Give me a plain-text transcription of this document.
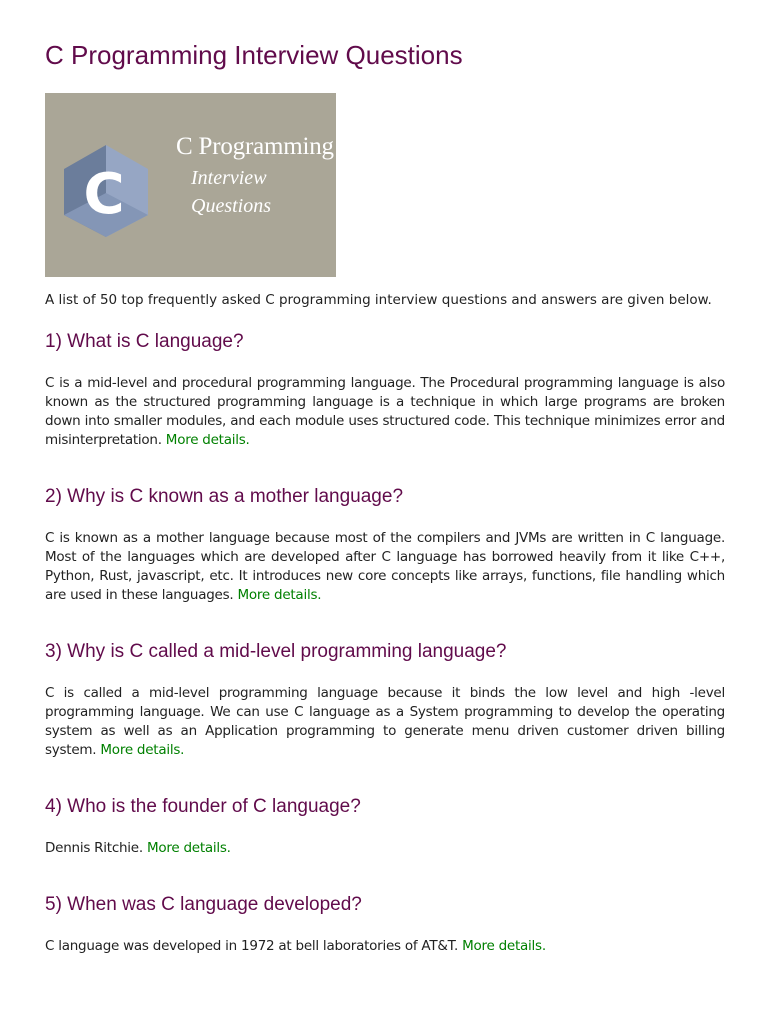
C Programming Interview Questions
C
C Programming
Interview
Questions

A list of 50 top frequently asked C programming interview questions and answers are given below.

1) What is C language?

C is a mid-level and procedural programming language. The Procedural programming language is also known as the structured programming language is a technique in which large programs are broken down into smaller modules, and each module uses structured code. This technique minimizes error and misinterpretation. More details.

2) Why is C known as a mother language?

C is known as a mother language because most of the compilers and JVMs are written in C language. Most of the languages which are developed after C language has borrowed heavily from it like C++, Python, Rust, javascript, etc. It introduces new core concepts like arrays, functions, file handling which are used in these languages. More details.

3) Why is C called a mid-level programming language?

C is called a mid-level programming language because it binds the low level and high -level programming language. We can use C language as a System programming to develop the operating system as well as an Application programming to generate menu driven customer driven billing system. More details.

4) Who is the founder of C language?

Dennis Ritchie. More details.

5) When was C language developed?

C language was developed in 1972 at bell laboratories of AT&T. More details.
